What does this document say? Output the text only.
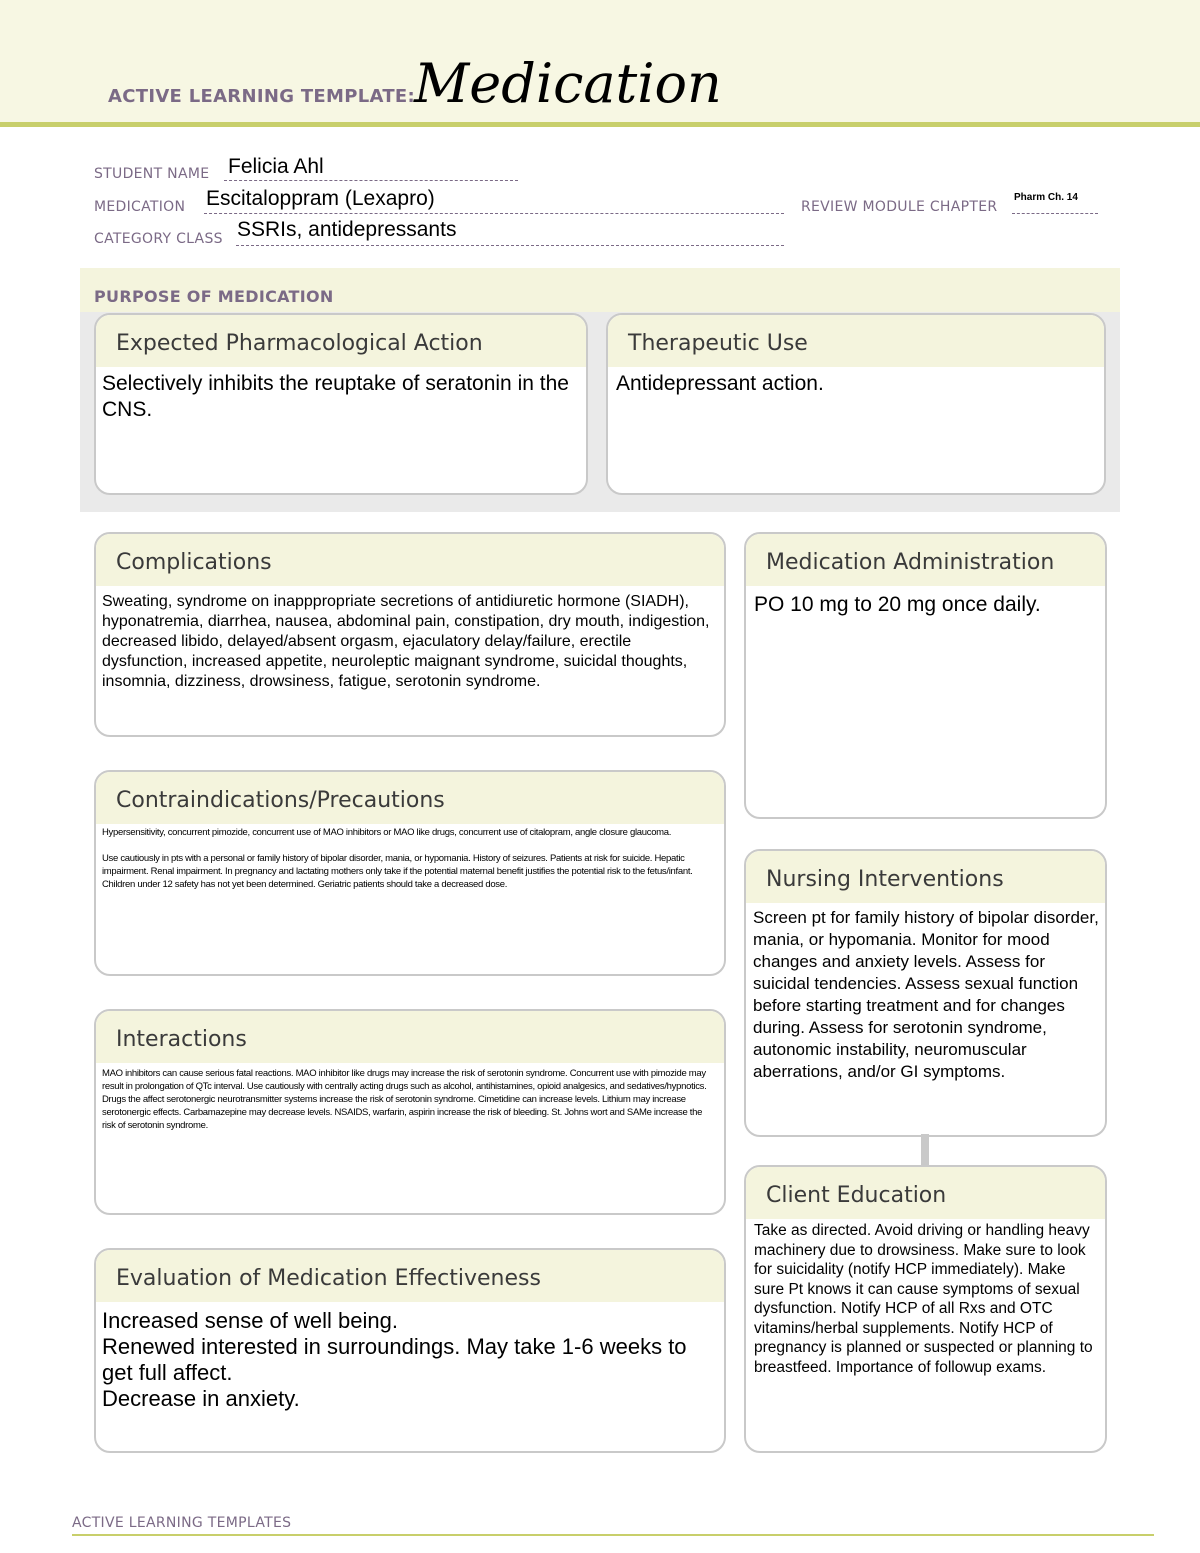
ACTIVE LEARNING TEMPLATE: Medication
STUDENT NAME Felicia Ahl
MEDICATION Escitaloppram (Lexapro)	REVIEW MODULE CHAPTER
Pharm Ch. 14
CATEGORY CLASS SSRIs, antidepressants
PURPOSE OF MEDICATION
Expected Pharmacological Action
Selectively inhibits the reuptake of seratonin in the CNS.
Therapeutic Use
Antidepressant action.
Complications
Sweating, syndrome on inapppropriate secretions of antidiuretic hormone (SIADH), hyponatremia, diarrhea, nausea, abdominal pain, constipation, dry mouth, indigestion, decreased libido, delayed/absent orgasm, ejaculatory delay/failure, erectile dysfunction, increased appetite, neuroleptic maignant syndrome, suicidal thoughts, insomnia, dizziness, drowsiness, fatigue, serotonin syndrome.
Medication Administration
PO 10 mg to 20 mg once daily.
Contraindications/Precautions

Hypersensitivity, concurrent pimozide, concurrent use of MAO inhibitors or MAO like drugs, concurrent use of citalopram, angle closure glaucoma.

Use cautiously in pts with a personal or family history of bipolar disorder, mania, or hypomania. History of seizures. Patients at risk for suicide. Hepatic impairment. Renal impairment. In pregnancy and lactating mothers only take if the potential maternal benefit justifies the potential risk to the fetus/infant. Children under 12 safety has not yet been determined. Geriatric patients should take a decreased dose.	Nursing Interventions
Screen pt for family history of bipolar disorder, mania, or hypomania. Monitor for mood changes and anxiety levels. Assess for suicidal tendencies. Assess sexual function before starting treatment and for changes during. Assess for serotonin syndrome, autonomic instability, neuromuscular aberrations, and/or GI symptoms.
Interactions
MAO inhibitors can cause serious fatal reactions. MAO inhibitor like drugs may increase the risk of serotonin syndrome. Concurrent use with pimozide may result in prolongation of QTc interval. Use cautiously with centrally acting drugs such as alcohol, antihistamines, opioid analgesics, and sedatives/hypnotics. Drugs the affect serotonergic neurotransmitter systems increase the risk of serotonin syndrome. Cimetidine can increase levels. Lithium may increase serotonergic effects. Carbamazepine may decrease levels. NSAIDS, warfarin, aspirin increase the risk of bleeding. St. Johns wort and SAMe increase the risk of serotonin syndrome.
Client Education
Take as directed. Avoid driving or handling heavy machinery due to drowsiness. Make sure to look for suicidality (notify HCP immediately). Make sure Pt knows it can cause symptoms of sexual dysfunction. Notify HCP of all Rxs and OTC vitamins/herbal supplements. Notify HCP of pregnancy is planned or suspected or planning to breastfeed. Importance of followup exams.
Evaluation of Medication Effectiveness
Increased sense of well being.
Renewed interested in surroundings. May take 1-6 weeks to get full affect.
Decrease in anxiety.
ACTIVE LEARNING TEMPLATES
